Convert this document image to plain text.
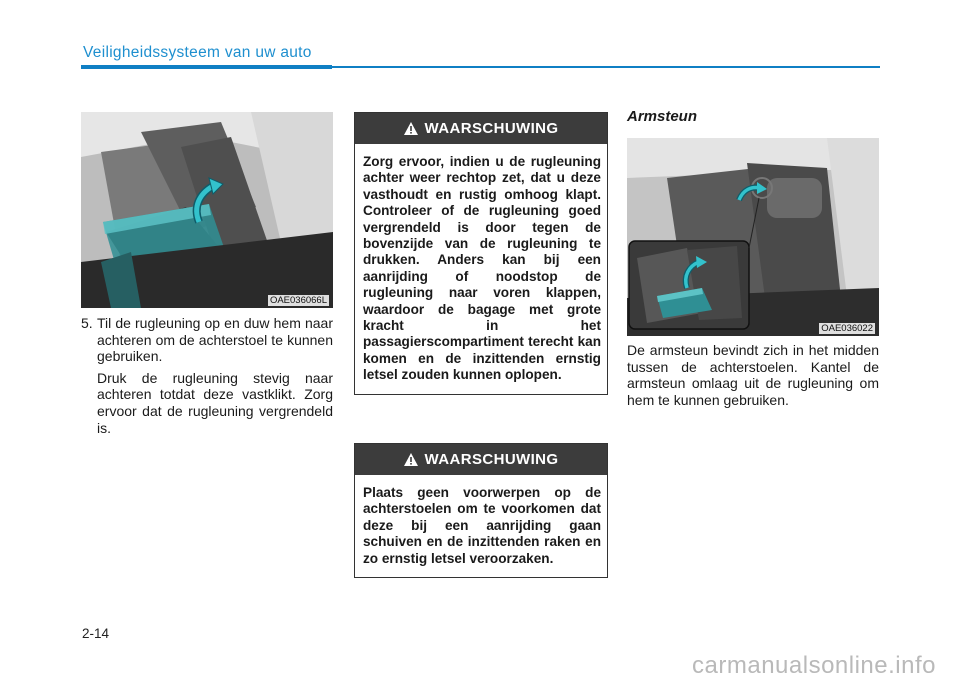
Veiligheidssysteem van uw auto
OAE036066L
5. Til de rugleuning op en duw hem naar achteren om de achterstoel te kunnen gebruiken.

Druk de rugleuning stevig naar achteren totdat deze vastklikt. Zorg ervoor dat de rugleuning vergrendeld is.

WAARSCHUWING

Zorg ervoor, indien u de rugleuning achter weer rechtop zet, dat u deze vasthoudt en rustig omhoog klapt. Controleer of de rugleuning goed vergrendeld is door tegen de bovenzijde van de rugleuning te drukken. Anders kan bij een aanrijding of noodstop de rugleuning naar voren klappen, waardoor de bagage met grote kracht in het passagierscompartiment terecht kan komen en de inzittenden ernstig letsel zouden kunnen oplopen.

WAARSCHUWING

Plaats geen voorwerpen op de achterstoelen om te voorkomen dat deze bij een aanrijding gaan schuiven en de inzittenden raken en zo ernstig letsel veroorzaken.

Armsteun
OAE036022

De armsteun bevindt zich in het midden tussen de achterstoelen. Kantel de armsteun omlaag uit de rugleuning om hem te kunnen gebruiken.

2-14
carmanualsonline.info
